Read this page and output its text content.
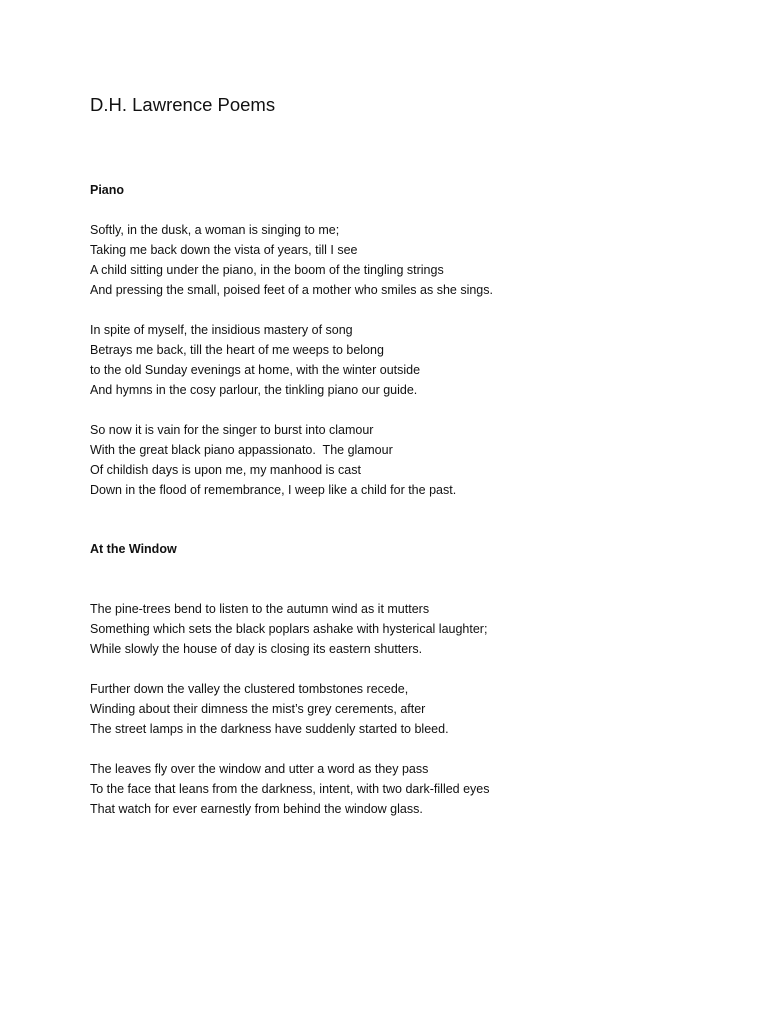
D.H. Lawrence Poems
Piano
Softly, in the dusk, a woman is singing to me;
Taking me back down the vista of years, till I see
A child sitting under the piano, in the boom of the tingling strings
And pressing the small, poised feet of a mother who smiles as she sings.
In spite of myself, the insidious mastery of song
Betrays me back, till the heart of me weeps to belong
to the old Sunday evenings at home, with the winter outside
And hymns in the cosy parlour, the tinkling piano our guide.
So now it is vain for the singer to burst into clamour
With the great black piano appassionato.  The glamour
Of childish days is upon me, my manhood is cast
Down in the flood of remembrance, I weep like a child for the past.
At the Window
The pine-trees bend to listen to the autumn wind as it mutters
Something which sets the black poplars ashake with hysterical laughter;
While slowly the house of day is closing its eastern shutters.
Further down the valley the clustered tombstones recede,
Winding about their dimness the mist’s grey cerements, after
The street lamps in the darkness have suddenly started to bleed.
The leaves fly over the window and utter a word as they pass
To the face that leans from the darkness, intent, with two dark-filled eyes
That watch for ever earnestly from behind the window glass.
